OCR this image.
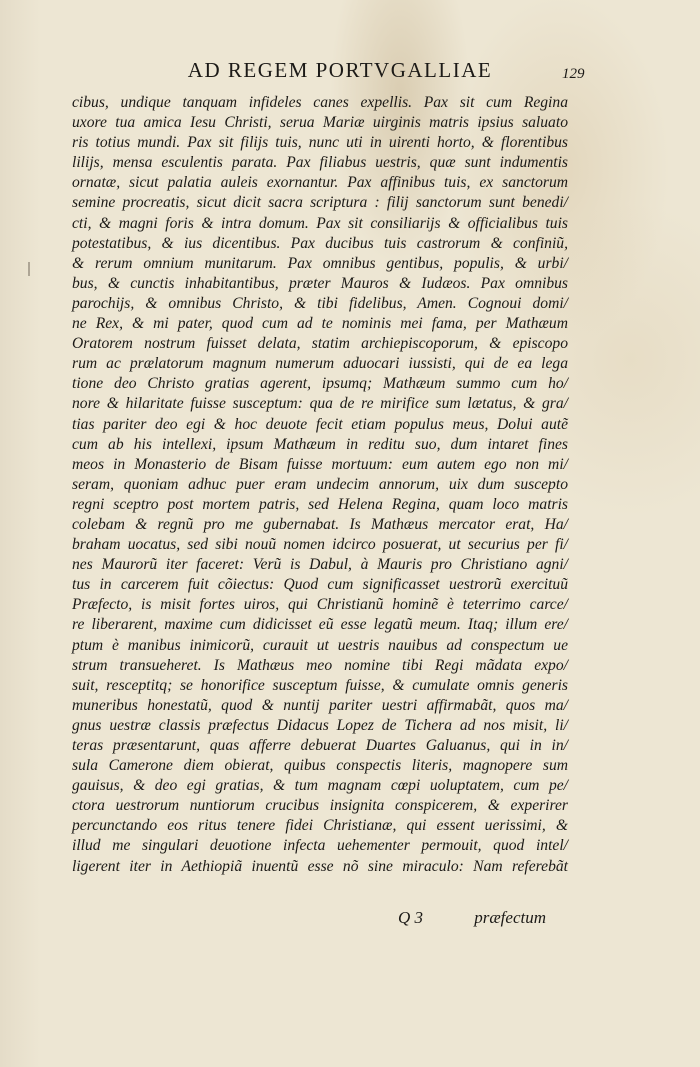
AD REGEM PORTVGALLIAE	129
cibus, undique tanquam infideles canes expellis. Pax sit cum Regina
uxore tua amica Iesu Christi, serua Mariæ uirginis matris ipsius saluato
ris totius mundi. Pax sit filijs tuis, nunc uti in uirenti horto, & florentibus
lilijs, mensa esculentis parata. Pax filiabus uestris, quæ sunt indumentis
ornatæ, sicut palatia auleis exornantur. Pax affinibus tuis, ex sanctorum
semine procreatis, sicut dicit sacra scriptura : filij sanctorum sunt benedi/
cti, & magni foris & intra domum. Pax sit consiliarijs & officialibus tuis
potestatibus, & ius dicentibus. Pax ducibus tuis castrorum & confiniũ,
& rerum omnium munitarum. Pax omnibus gentibus, populis, & urbi/
bus, & cunctis inhabitantibus, præter Mauros & Iudæos. Pax omnibus
parochijs, & omnibus Christo, & tibi fidelibus, Amen. Cognoui domi/
ne Rex, & mi pater, quod cum ad te nominis mei fama, per Mathæum
Oratorem nostrum fuisset delata, statim archiepiscoporum, & episcopo
rum ac prælatorum magnum numerum aduocari iussisti, qui de ea lega
tione deo Christo gratias agerent, ipsumq; Mathæum summo cum ho/
nore & hilaritate fuisse susceptum: qua de re mirifice sum lætatus, & gra/
tias pariter deo egi & hoc deuote fecit etiam populus meus, Dolui autẽ
cum ab his intellexi, ipsum Mathæum in reditu suo, dum intaret fines
meos in Monasterio de Bisam fuisse mortuum: eum autem ego non mi/
seram, quoniam adhuc puer eram undecim annorum, uix dum suscepto
regni sceptro post mortem patris, sed Helena Regina, quam loco matris
colebam & regnũ pro me gubernabat. Is Mathæus mercator erat, Ha/
braham uocatus, sed sibi nouũ nomen idcirco posuerat, ut securius per fi/
nes Maurorũ iter faceret: Verũ is Dabul, à Mauris pro Christiano agni/
tus in carcerem fuit cõiectus: Quod cum significasset uestrorũ exercituũ
Præfecto, is misit fortes uiros, qui Christianũ hominẽ è teterrimo carce/
re liberarent, maxime cum didicisset eũ esse legatũ meum. Itaq; illum ere/
ptum è manibus inimicorũ, curauit ut uestris nauibus ad conspectum ue
strum transueheret. Is Mathæus meo nomine tibi Regi mãdata expo/
suit, resceptitq; se honorifice susceptum fuisse, & cumulate omnis generis
muneribus honestatũ, quod & nuntij pariter uestri affirmabãt, quos ma/
gnus uestræ classis præfectus Didacus Lopez de Tichera ad nos misit, li/
teras præsentarunt, quas afferre debuerat Duartes Galuanus, qui in in/
sula Camerone diem obierat, quibus conspectis literis, magnopere sum
gauisus, & deo egi gratias, & tum magnam cœpi uoluptatem, cum pe/
ctora uestrorum nuntiorum crucibus insignita conspicerem, & experirer
percunctando eos ritus tenere fidei Christianæ, qui essent uerissimi, &
illud me singulari deuotione infecta uehementer permouit, quod intel/
ligerent iter in Aethiopiã inuentũ esse nõ sine miraculo: Nam referebãt
Q 3	præfectum
